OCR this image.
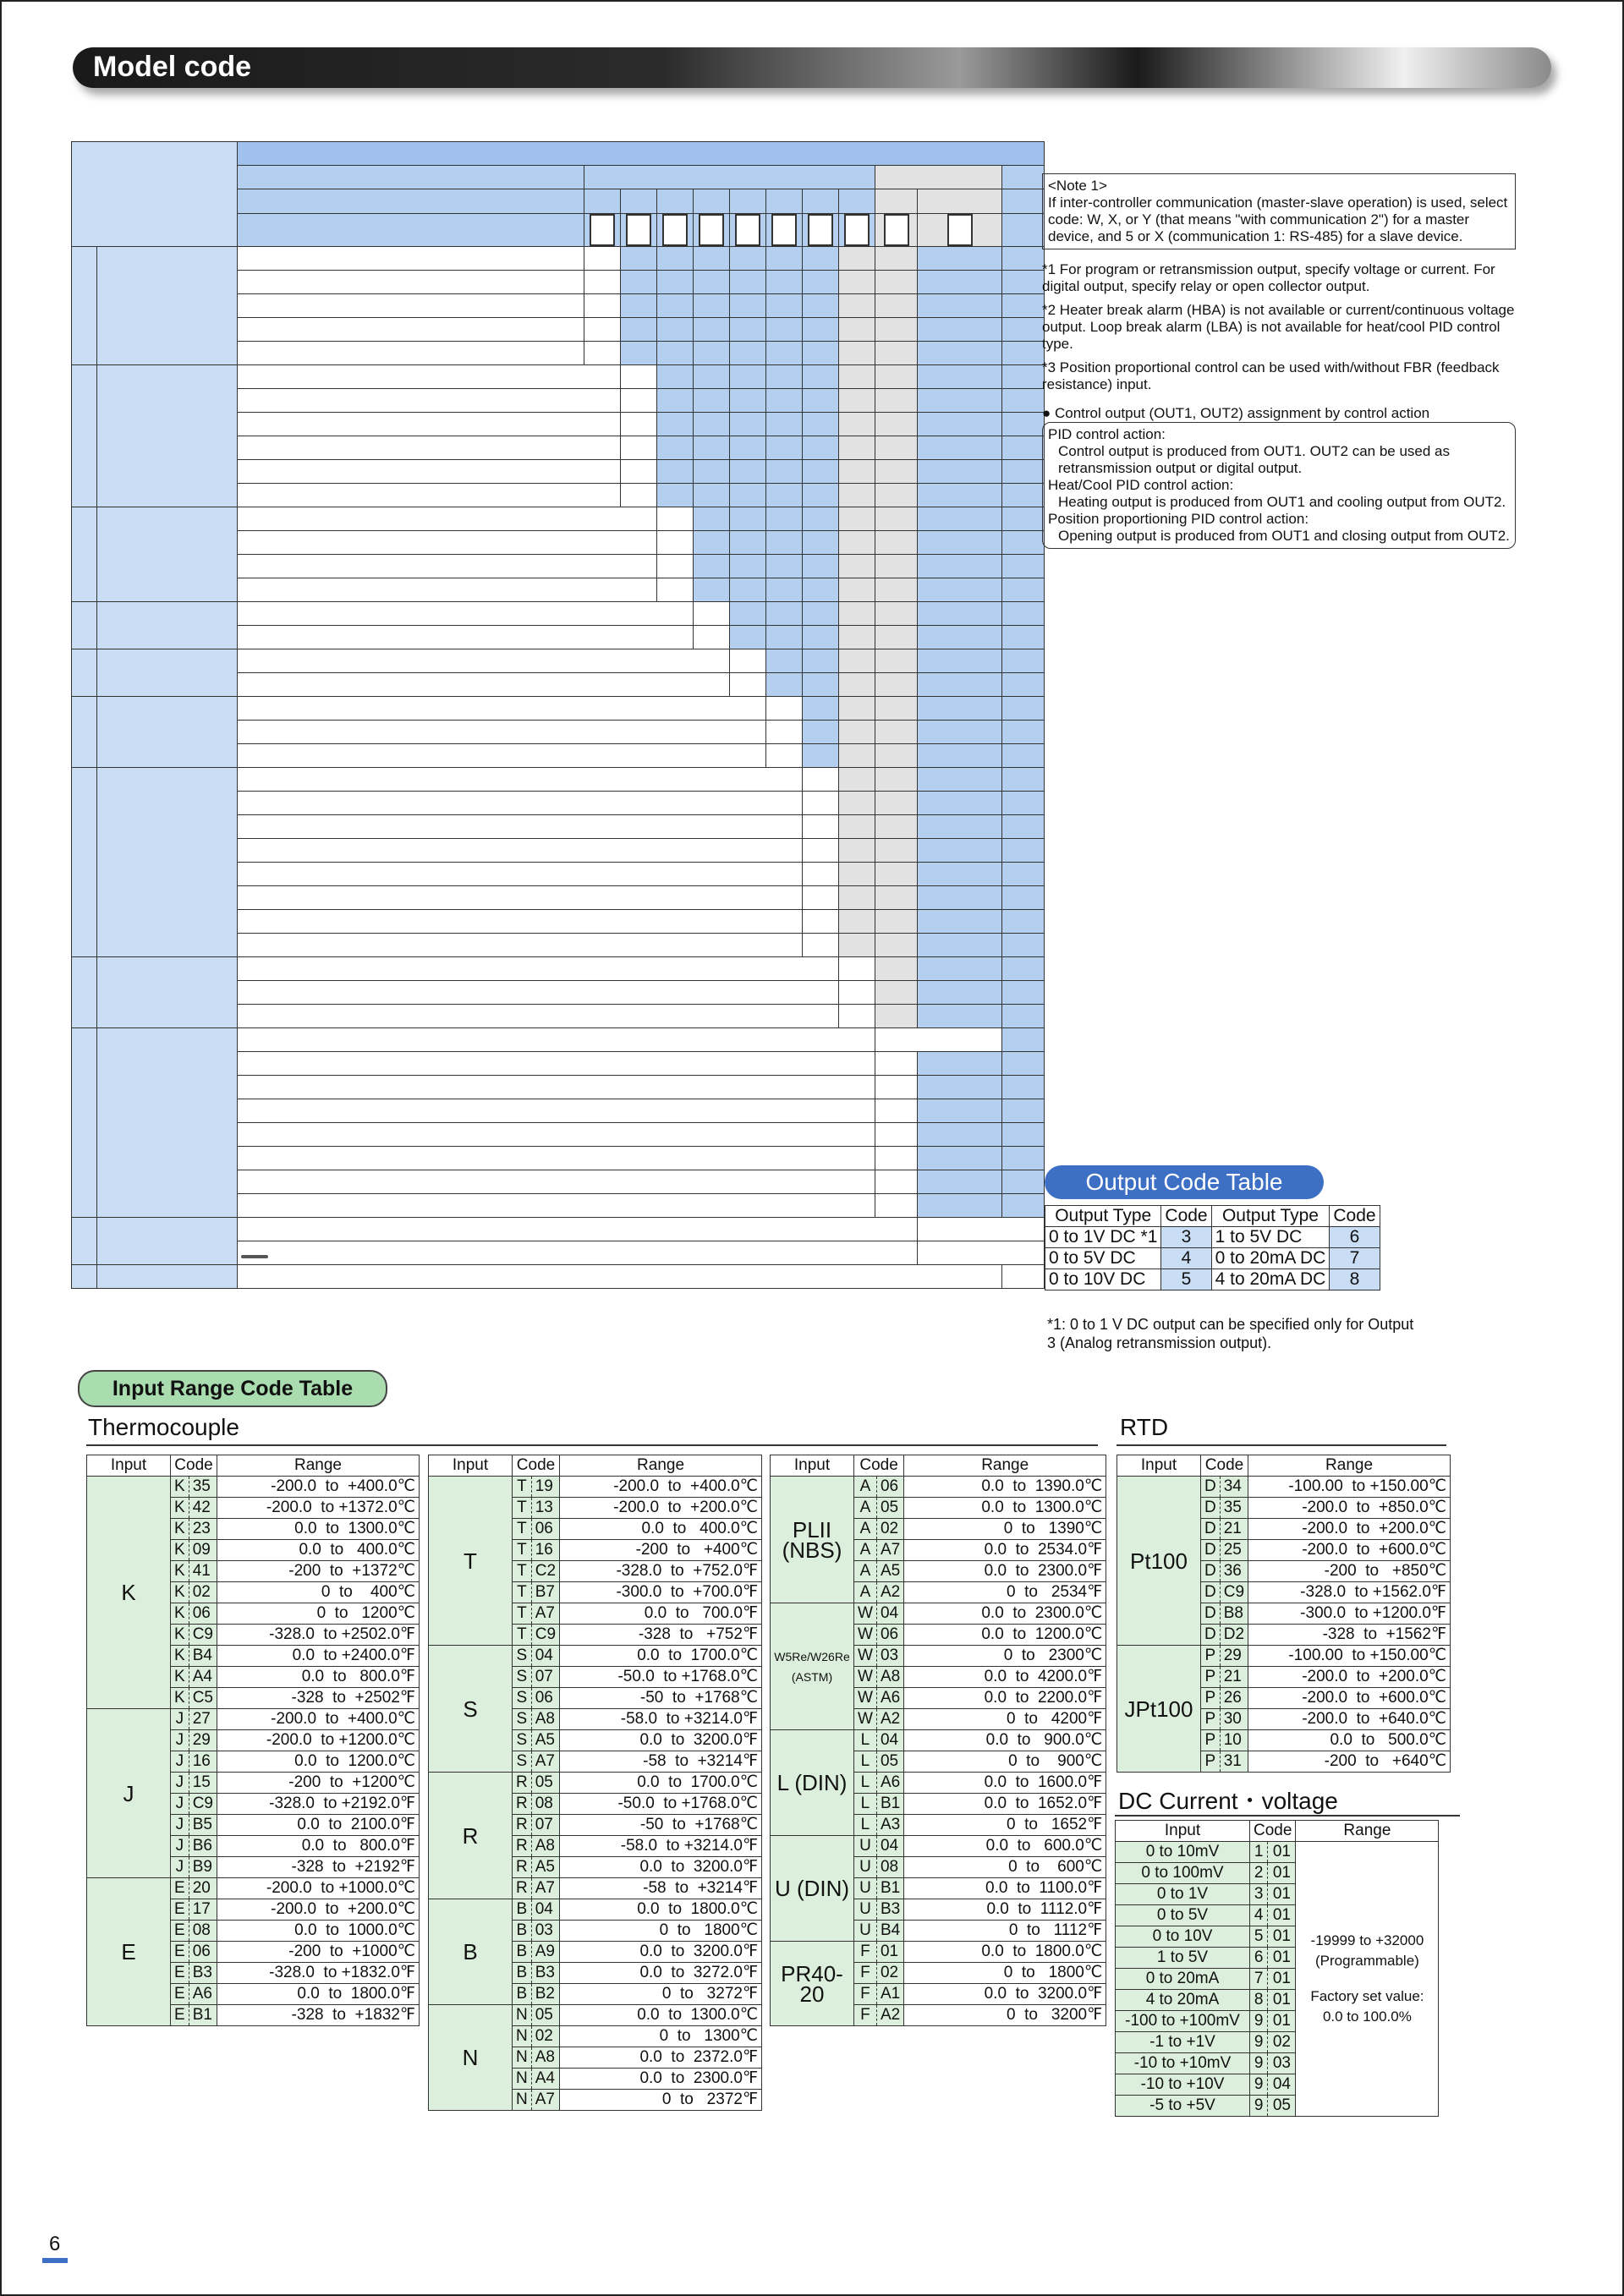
Model code

<Note 1>
If inter-controller communication (master-slave operation) is used, select code: W, X, or Y (that means "with communication 2") for a master device, and 5 or X (communication 1: RS-485) for a slave device.
*1 For program or retransmission output, specify voltage or current. For digital output, specify relay or open collector output.
*2 Heater break alarm (HBA) is not available or current/continuous voltage output. Loop break alarm (LBA) is not available for heat/cool PID control type.
*3 Position proportional control can be used with/without FBR (feedback resistance) input.
● Control output (OUT1, OUT2) assignment by control action
PID control action:
Control output is produced from OUT1. OUT2 can be used as retransmission output or digital output.
Heat/Cool PID control action:
Heating output is produced from OUT1 and cooling output from OUT2.
Position proportioning PID control action:
Opening output is produced from OUT1 and closing output from OUT2.
Output Code Table
Output Type	Code	Output Type	Code
0 to 1V DC *1	3	1 to 5V DC	6
0 to 5V DC	4	0 to 20mA DC	7
0 to 10V DC	5	4 to 20mA DC	8
*1: 0 to 1 V DC output can be specified only for Output 3 (Analog retransmission output).
Input Range Code Table
Thermocouple	RTD
DC Current・voltage
Input	Code		Range
K	K	35	-200.0  to  +400.0℃
	K	42	-200.0  to +1372.0℃
	K	23	0.0  to  1300.0℃
	K	09	0.0  to   400.0℃
	K	41	-200  to  +1372℃
	K	02	0  to    400℃
	K	06	0  to   1200℃
	K	C9	-328.0  to +2502.0℉
	K	B4	0.0  to +2400.0℉
	K	A4	0.0  to   800.0℉
	K	C5	-328  to  +2502℉
J	J	27	-200.0  to  +400.0℃
	J	29	-200.0  to +1200.0℃
	J	16	0.0  to  1200.0℃
	J	15	-200  to  +1200℃
	J	C9	-328.0  to +2192.0℉
	J	B5	0.0  to  2100.0℉
	J	B6	0.0  to   800.0℉
	J	B9	-328  to  +2192℉
E	E	20	-200.0  to +1000.0℃
	E	17	-200.0  to  +200.0℃
	E	08	0.0  to  1000.0℃
	E	06	-200  to  +1000℃
	E	B3	-328.0  to +1832.0℉
	E	A6	0.0  to  1800.0℉
	E	B1	-328  to  +1832℉
Input	Code		Range
T	T	19	-200.0  to  +400.0℃
	T	13	-200.0  to  +200.0℃
	T	06	0.0  to   400.0℃
	T	16	-200  to   +400℃
	T	C2	-328.0  to  +752.0℉
	T	B7	-300.0  to  +700.0℉
	T	A7	0.0  to   700.0℉
	T	C9	-328  to   +752℉
S	S	04	0.0  to  1700.0℃
	S	07	-50.0  to +1768.0℃
	S	06	-50  to  +1768℃
	S	A8	-58.0  to +3214.0℉
	S	A5	0.0  to  3200.0℉
	S	A7	-58  to  +3214℉
R	R	05	0.0  to  1700.0℃
	R	08	-50.0  to +1768.0℃
	R	07	-50  to  +1768℃
	R	A8	-58.0  to +3214.0℉
	R	A5	0.0  to  3200.0℉
	R	A7	-58  to  +3214℉
B	B	04	0.0  to  1800.0℃
	B	03	0  to   1800℃
	B	A9	0.0  to  3200.0℉
	B	B3	0.0  to  3272.0℉
	B	B2	0  to   3272℉
N	N	05	0.0  to  1300.0℃
	N	02	0  to   1300℃
	N	A8	0.0  to  2372.0℉
	N	A4	0.0  to  2300.0℉
	N	A7	0  to   2372℉
Input	Code		Range
PLII (NBS)	A	06	0.0  to  1390.0℃
	A	05	0.0  to  1300.0℃
	A	02	0  to   1390℃
	A	A7	0.0  to  2534.0℉
	A	A5	0.0  to  2300.0℉
	A	A2	0  to   2534℉
W5Re/W26Re (ASTM)	W	04	0.0  to  2300.0℃
	W	06	0.0  to  1200.0℃
	W	03	0  to   2300℃
	W	A8	0.0  to  4200.0℉
	W	A6	0.0  to  2200.0℉
	W	A2	0  to   4200℉
L (DIN)	L	04	0.0  to   900.0℃
	L	05	0  to    900℃
	L	A6	0.0  to  1600.0℉
	L	B1	0.0  to  1652.0℉
	L	A3	0  to   1652℉
U (DIN)	U	04	0.0  to   600.0℃
	U	08	0  to    600℃
	U	B1	0.0  to  1100.0℉
	U	B3	0.0  to  1112.0℉
	U	B4	0  to   1112℉
PR40-20	F	01	0.0  to  1800.0℃
	F	02	0  to   1800℃
	F	A1	0.0  to  3200.0℉
	F	A2	0  to   3200℉
Input	Code		Range
Pt100	D	34	-100.00  to +150.00℃
	D	35	-200.0  to  +850.0℃
	D	21	-200.0  to  +200.0℃
	D	25	-200.0  to  +600.0℃
	D	36	-200  to   +850℃
	D	C9	-328.0  to +1562.0℉
	D	B8	-300.0  to +1200.0℉
	D	D2	-328  to  +1562℉
JPt100	P	29	-100.00  to +150.00℃
	P	21	-200.0  to  +200.0℃
	P	26	-200.0  to  +600.0℃
	P	30	-200.0  to  +640.0℃
	P	10	0.0  to   500.0℃
	P	31	-200  to   +640℃
Input	Code		Range
0 to 10mV	1	01	-19999 to +32000
(Programmable)
Factory set value:
0.0 to 100.0%

0 to 100mV	2	01	
0 to 1V	3	01	
0 to 5V	4	01	
0 to 10V	5	01	
1 to 5V	6	01	
0 to 20mA	7	01	
4 to 20mA	8	01	
-100 to +100mV	9	01	
-1 to +1V	9	02	
-10 to +10mV	9	03	
-10 to +10V	9	04	
-5 to +5V	9	05	
6
